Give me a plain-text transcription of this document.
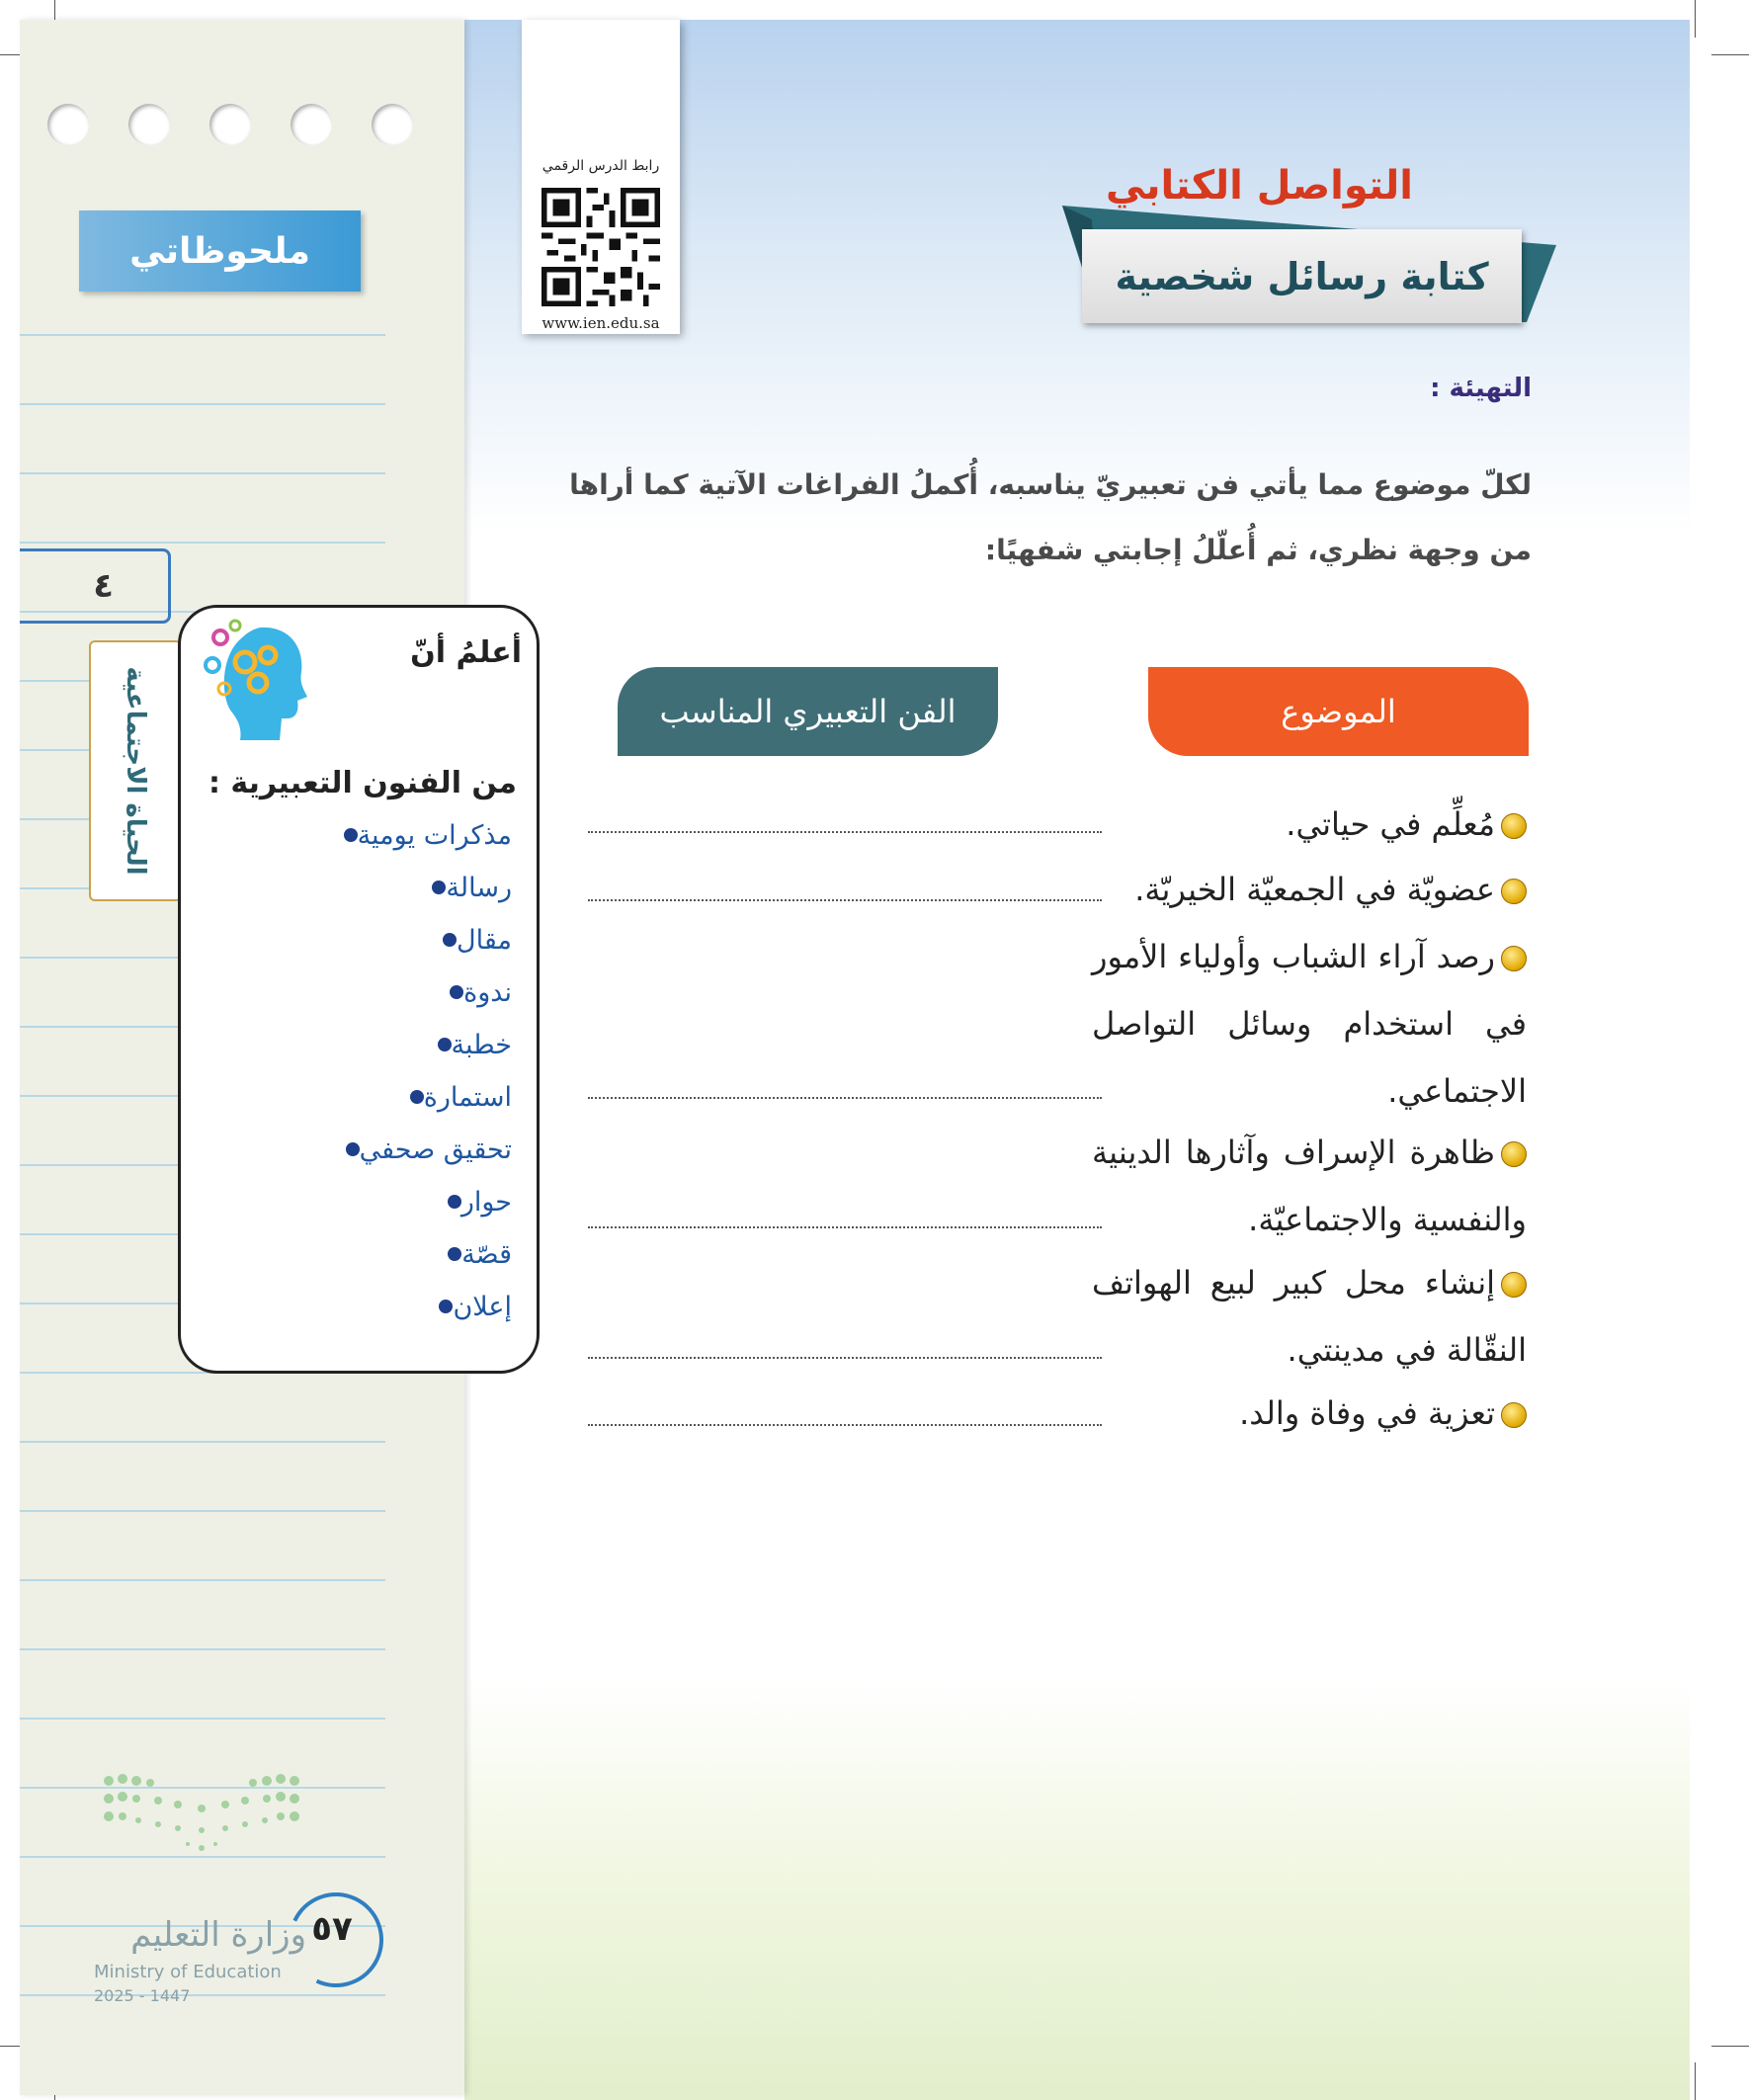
ملحوظاتي
٤
الحياة الاجتماعية
أعلمُ أنّ
من الفنون التعبيرية :
مذكرات يومية
رسالة
مقال
ندوة
خطبة
استمارة
تحقيق صحفي
حوار
قصّة
إعلان
رابط الدرس الرقمي
www.ien.edu.sa
التواصل الكتابي
كتابة رسائل شخصية
التهيئة :
لكلّ موضوع مما يأتي فن تعبيريّ يناسبه، أُكملُ الفراغات الآتية كما أراها من وجهة نظري، ثم أُعلّلُ إجابتي شفهيًا:
الموضوع
الفن التعبيري المناسب
مُعلِّم في حياتي.
عضويّة في الجمعيّة الخيريّة.
رصد آراء الشباب وأولياء الأمور في استخدام وسائل التواصل الاجتماعي.
ظاهرة الإسراف وآثارها الدينية والنفسية والاجتماعيّة.
إنشاء محل كبير لبيع الهواتف النقّالة في مدينتي.
تعزية في وفاة والد.
٥٧
وزارة التعليم
Ministry of Education
2025 - 1447
